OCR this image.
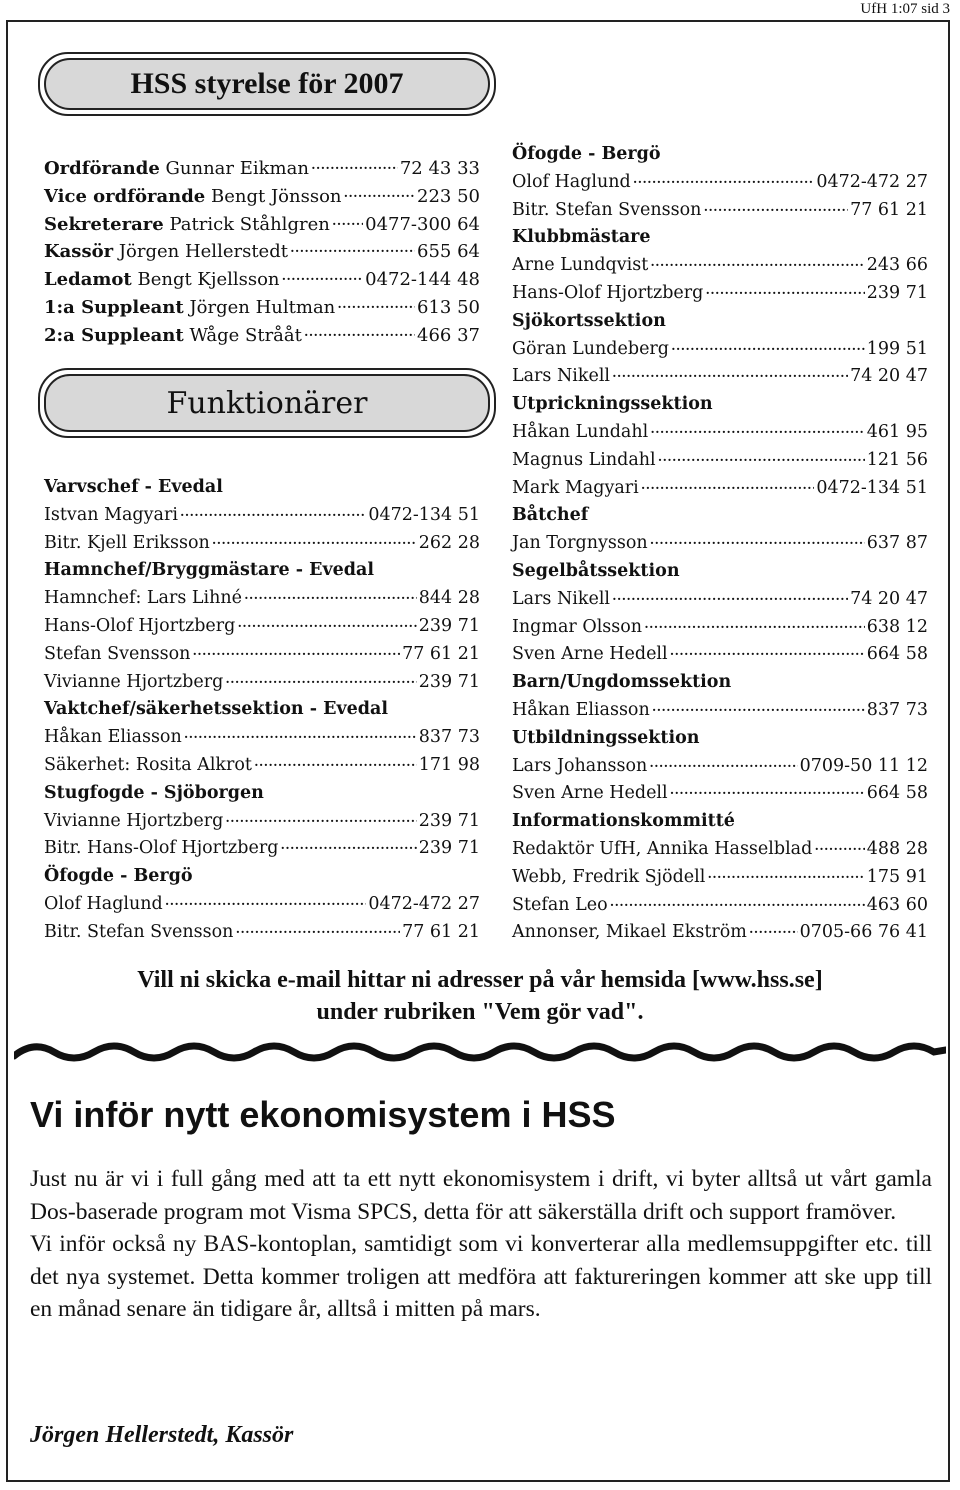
UfH 1:07 sid 3
HSS styrelse för 2007
Ordförande Gunnar Eikman .....	72 43 33
Vice ordförande Bengt Jönsson .....	223 50
Sekreterare Patrick Ståhlgren ..... 0477-300 64
Kassör Jörgen Hellerstedt .....	655 64
Ledamot Bengt Kjellsson .....	0472-144 48
1:a Suppleant Jörgen Hultman .....	613 50
2:a Suppleant Wåge Strååt .....	466 37
Funktionärer
Varvschef - Evedal
Istvan Magyari .....	0472-134 51
Bitr. Kjell Eriksson .....	262 28
Hamnchef/Bryggmästare - Evedal
Hamnchef: Lars Lihné .....	844 28
Hans-Olof Hjortzberg .....	239 71
Stefan Svensson .....	77 61 21
Vivianne Hjortzberg .....	239 71
Vaktchef/säkerhetssektion - Evedal
Håkan Eliasson .....	837 73
Säkerhet: Rosita Alkrot .....	171 98
Stugfogde - Sjöborgen
Vivianne Hjortzberg .....	239 71
Bitr. Hans-Olof Hjortzberg .....	239 71
Öfogde - Bergö
Olof Haglund .....	0472-472 27
Bitr. Stefan Svensson .....	77 61 21
Öfogde - Bergö
Olof Haglund .....	0472-472 27
Bitr. Stefan Svensson .....	77 61 21
Klubbmästare
Arne Lundqvist .....	243 66
Hans-Olof Hjortzberg .....	239 71
Sjökortssektion
Göran Lundeberg .....	199 51
Lars Nikell .....	74 20 47
Utprickningssektion
Håkan Lundahl .....	461 95
Magnus Lindahl .....	121 56
Mark Magyari .....	0472-134 51
Båtchef
Jan Torgnysson .....	637 87
Segelbåtssektion
Lars Nikell .....	74 20 47
Ingmar Olsson .....	638 12
Sven Arne Hedell .....	664 58
Barn/Ungdomssektion
Håkan Eliasson .....	837 73
Utbildningssektion
Lars Johansson .....	0709-50 11 12
Sven Arne Hedell .....	664 58
Informationskommitté
Redaktör UfH, Annika Hasselblad .....	488 28
Webb, Fredrik Sjödell .....	175 91
Stefan Leo .....	463 60
Annonser, Mikael Ekström .....	0705-66 76 41
Vill ni skicka e-mail hittar ni adresser på vår hemsida [www.hss.se]
under rubriken "Vem gör vad".
Vi inför nytt ekonomisystem i HSS

Just nu är vi i full gång med att ta ett nytt ekonomisystem i drift, vi byter alltså ut vårt gamla Dos-baserade program mot Visma SPCS, detta för att säkerställa drift och support framöver.

Vi inför också ny BAS-kontoplan, samtidigt som vi konverterar alla medlemsuppgifter etc. till det nya systemet. Detta kommer troligen att medföra att faktureringen kommer att ske upp till en månad senare än tidigare år, alltså i mitten på mars.

Jörgen Hellerstedt, Kassör
